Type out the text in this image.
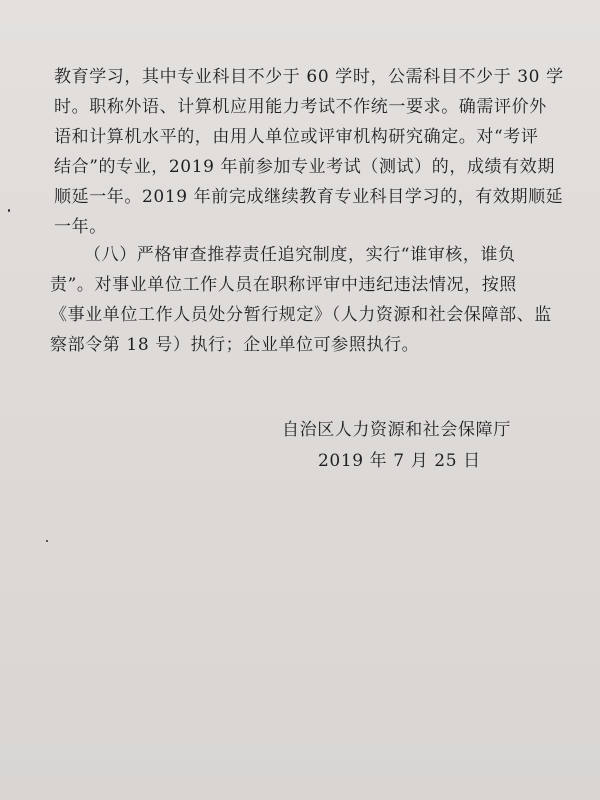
教育学习，其中专业科目不少于 60 学时，公需科目不少于 30 学
时。职称外语、计算机应用能力考试不作统一要求。确需评价外
语和计算机水平的，由用人单位或评审机构研究确定。对“考评
结合”的专业，2019 年前参加专业考试（测试）的，成绩有效期
顺延一年。2019 年前完成继续教育专业科目学习的，有效期顺延
一年。
（八）严格审查推荐责任追究制度，实行“谁审核，谁负
责”。对事业单位工作人员在职称评审中违纪违法情况，按照
《事业单位工作人员处分暂行规定》（人力资源和社会保障部、监
察部令第 18 号）执行；企业单位可参照执行。
自治区人力资源和社会保障厅
2019 年 7 月 25 日
